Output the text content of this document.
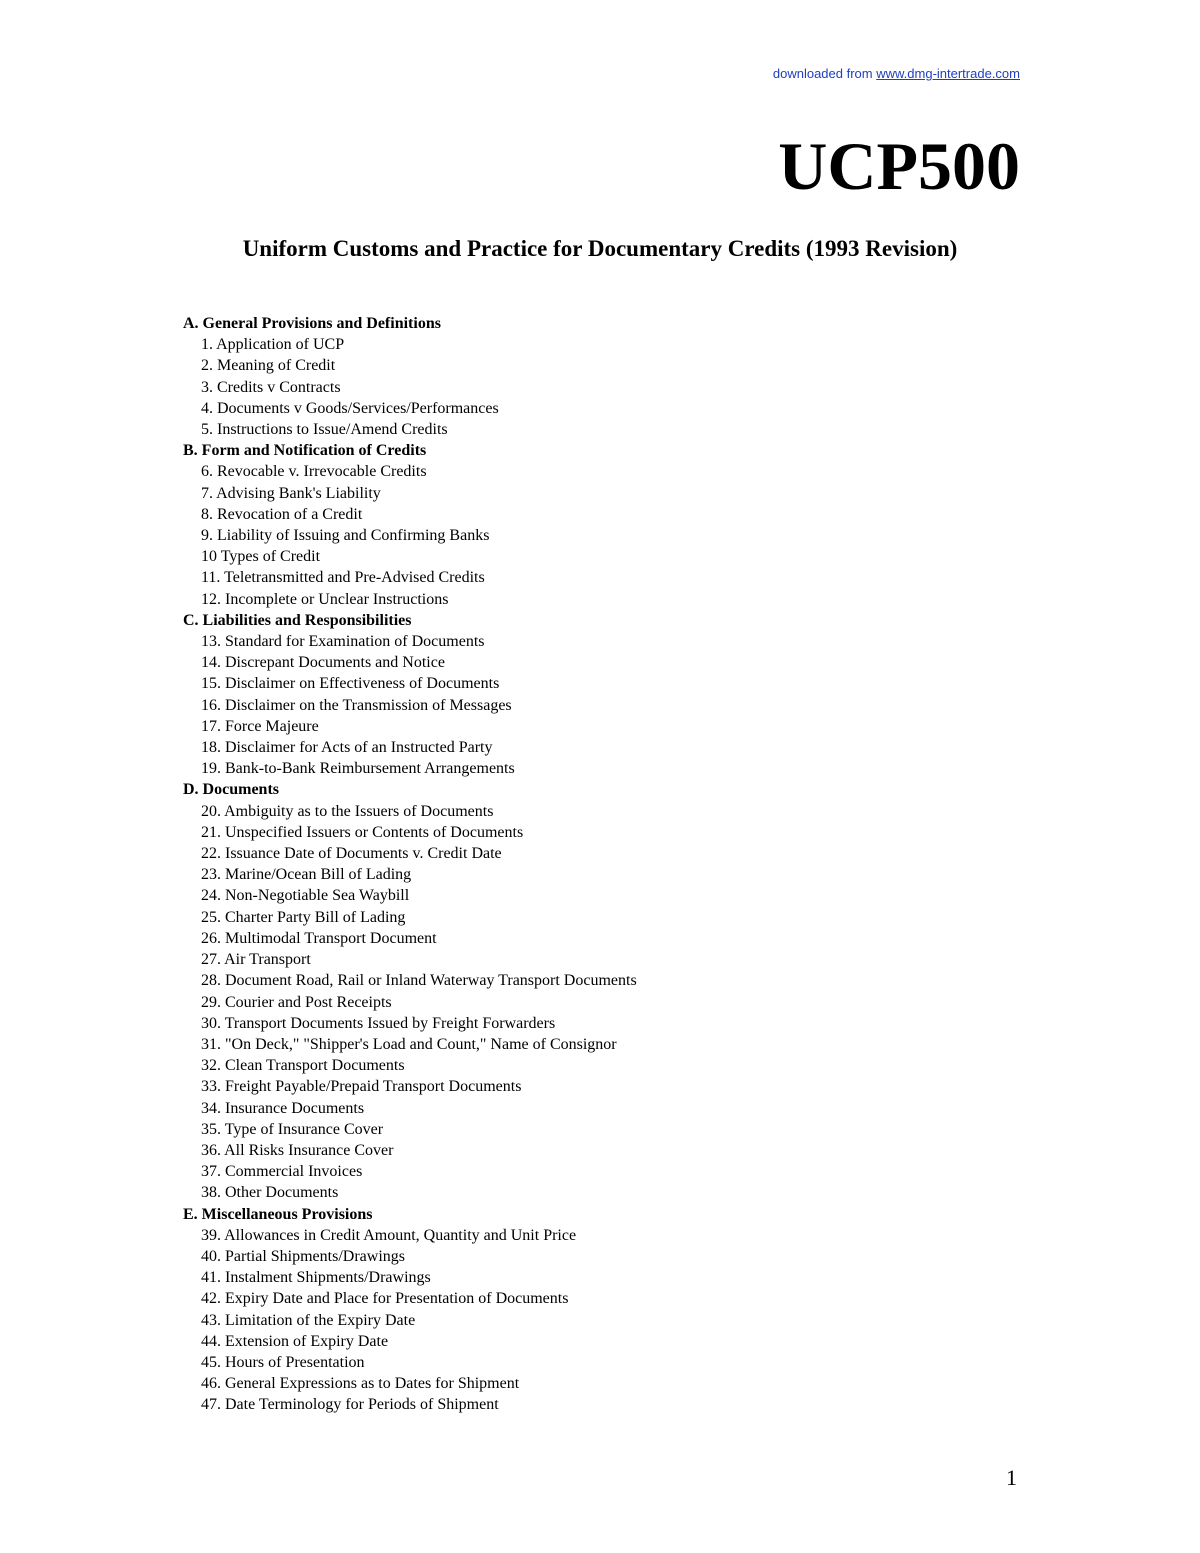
downloaded from www.dmg-intertrade.com
UCP500
Uniform Customs and Practice for Documentary Credits (1993 Revision)
A. General Provisions and Definitions
1. Application of UCP
2. Meaning of Credit
3. Credits v Contracts
4. Documents v Goods/Services/Performances
5. Instructions to Issue/Amend Credits
B. Form and Notification of Credits
6. Revocable v. Irrevocable Credits
7. Advising Bank's Liability
8. Revocation of a Credit
9. Liability of Issuing and Confirming Banks
10 Types of Credit
11. Teletransmitted and Pre-Advised Credits
12. Incomplete or Unclear Instructions
C. Liabilities and Responsibilities
13. Standard for Examination of Documents
14. Discrepant Documents and Notice
15. Disclaimer on Effectiveness of Documents
16. Disclaimer on the Transmission of Messages
17. Force Majeure
18. Disclaimer for Acts of an Instructed Party
19. Bank-to-Bank Reimbursement Arrangements
D. Documents
20. Ambiguity as to the Issuers of Documents
21. Unspecified Issuers or Contents of Documents
22. Issuance Date of Documents v. Credit Date
23. Marine/Ocean Bill of Lading
24. Non-Negotiable Sea Waybill
25. Charter Party Bill of Lading
26. Multimodal Transport Document
27. Air Transport
28. Document Road, Rail or Inland Waterway Transport Documents
29. Courier and Post Receipts
30. Transport Documents Issued by Freight Forwarders
31. "On Deck," "Shipper's Load and Count," Name of Consignor
32. Clean Transport Documents
33. Freight Payable/Prepaid Transport Documents
34. Insurance Documents
35. Type of Insurance Cover
36. All Risks Insurance Cover
37. Commercial Invoices
38. Other Documents
E. Miscellaneous Provisions
39. Allowances in Credit Amount, Quantity and Unit Price
40. Partial Shipments/Drawings
41. Instalment Shipments/Drawings
42. Expiry Date and Place for Presentation of Documents
43. Limitation of the Expiry Date
44. Extension of Expiry Date
45. Hours of Presentation
46. General Expressions as to Dates for Shipment
47. Date Terminology for Periods of Shipment
1
